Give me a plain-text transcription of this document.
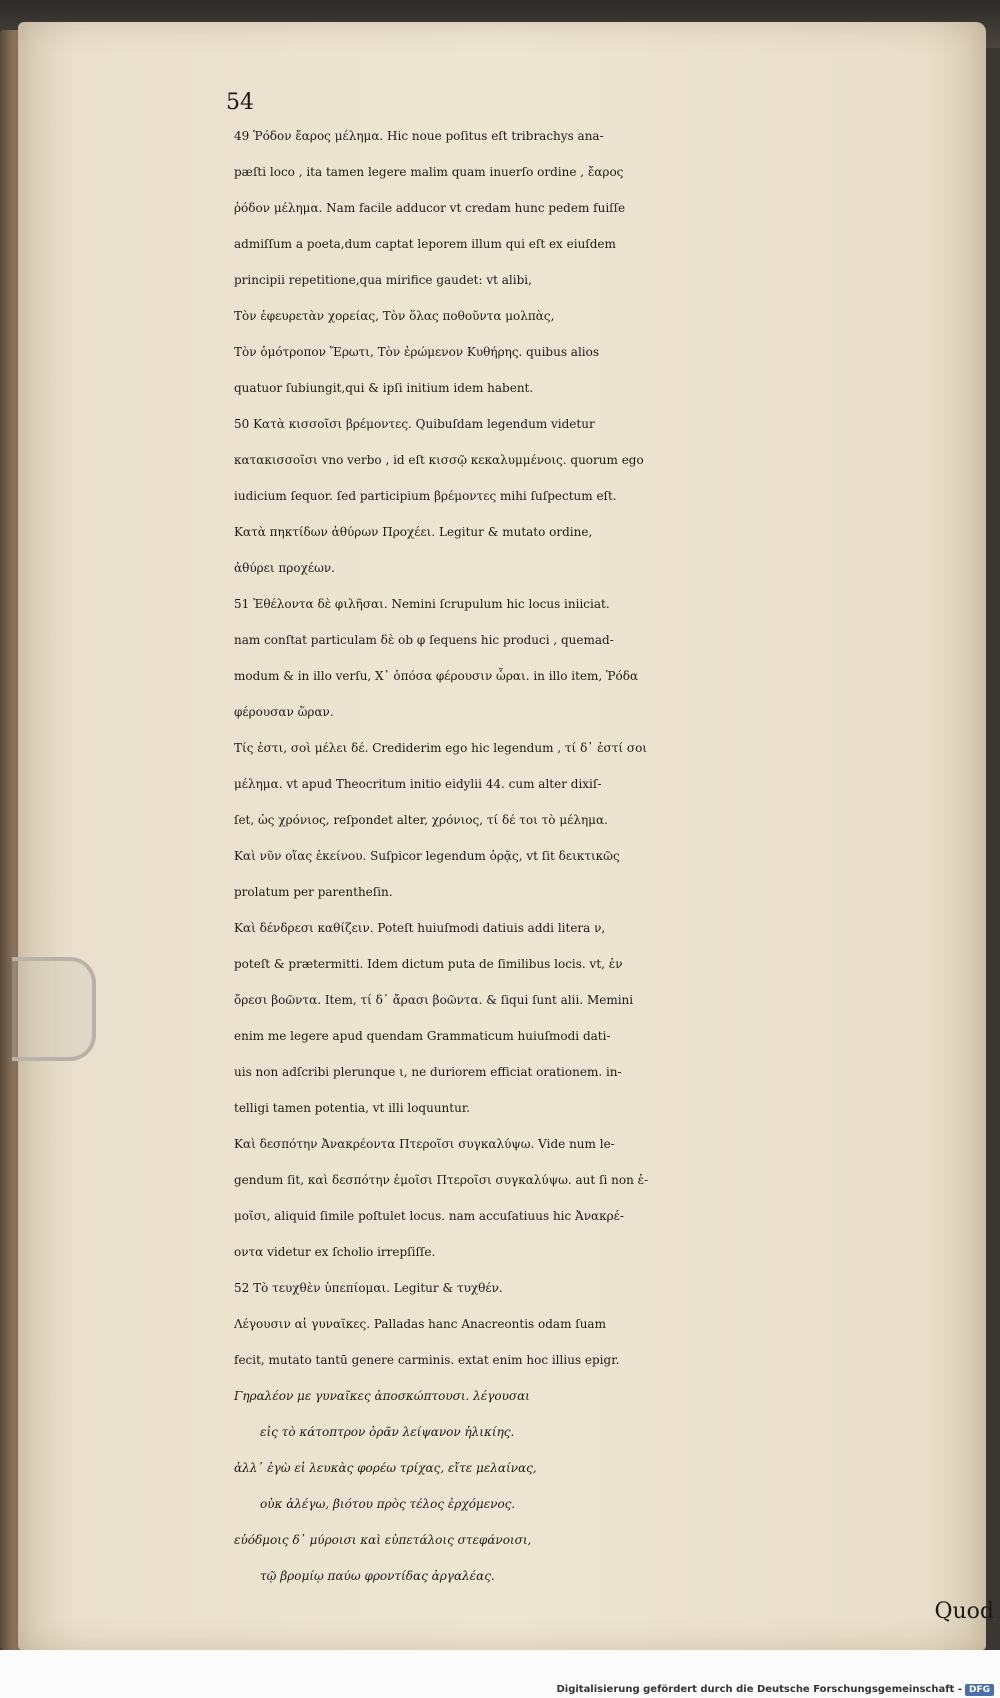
54
49 Ῥόδον ἔαρος μέλημα. Hic noue poſitus eſt tribrachys ana-
pæſti loco , ita tamen legere malim quam inuerſo ordine , ἔαρος
ῥόδον μέλημα. Nam facile adducor vt credam hunc pedem fuiſſe
admiſſum a poeta,dum captat leporem illum qui eſt ex eiuſdem
principii repetitione,qua mirifice gaudet: vt alibi,
Τὸν ἐφευρετὰν χορείας, Τὸν ὅλας ποθοῦντα μολπὰς,
Τὸν ὁμότροπον Ἔρωτι, Τὸν ἐρώμενον Κυθήρης. quibus alios
quatuor ſubiungit,qui & ipſi initium idem habent.
50 Κατὰ κισσοῖσι βρέμοντες. Quibuſdam legendum videtur
κατακισσοῖσι vno verbo , id eſt κισσῷ κεκαλυμμένοις. quorum ego
iudicium ſequor. ſed participium βρέμοντες mihi ſuſpectum eſt.
Κατὰ πηκτίδων ἀθύρων Προχέει. Legitur & mutato ordine,
ἀθύρει προχέων.
51 Ἐθέλοντα δὲ φιλῆσαι. Nemini ſcrupulum hic locus iniiciat.
nam conſtat particulam δὲ ob φ ſequens hic produci , quemad-
modum & in illo verſu, Χ᾽ ὁπόσα φέρουσιν ὧραι. in illo item, Ῥόδα
φέρουσαν ὥραν.
Τίς ἐστι, σοὶ μέλει δέ. Crediderim ego hic legendum , τί δ᾽ ἐστί σοι
μέλημα. vt apud Theocritum initio eidylii 44. cum alter dixiſ-
ſet, ὡς χρόνιος, reſpondet alter, χρόνιος, τί δέ τοι τὸ μέλημα.
Καὶ νῦν οἵας ἐκείνου. Suſpicor legendum ὁρᾷς, vt ſit δεικτικῶς
prolatum per parentheſin.
Καὶ δένδρεσι καθίζειν. Poteſt huiuſmodi datiuis addi litera ν,
poteſt & prætermitti. Idem dictum puta de ſimilibus locis. vt, ἐν
ὄρεσι βοῶντα. Item, τί δ᾽ ἄρασι βοῶντα. & ſiqui ſunt alii. Memini
enim me legere apud quendam Grammaticum huiuſmodi dati-
uis non adſcribi plerunque ι, ne duriorem efficiat orationem. in-
telligi tamen potentia, vt illi loquuntur.
Καὶ δεσπότην Ἀνακρέοντα Πτεροῖσι συγκαλύψω. Vide num le-
gendum ſit, καὶ δεσπότην ἐμοῖσι Πτεροῖσι συγκαλύψω. aut ſi non ἐ-
μοῖσι, aliquid ſimile poſtulet locus. nam accuſatiuus hic Ἀνακρέ-
οντα videtur ex ſcholio irrepſiſſe.
52 Τὸ τευχθὲν ὑπεπίομαι. Legitur & τυχθέν.
Λέγουσιν αἱ γυναῖκες. Palladas hanc Anacreontis odam ſuam
fecit, mutato tantū genere carminis. extat enim hoc illius epigr.
Γηραλέον με γυναῖκες ἀποσκώπτουσι. λέγουσαι
εἰς τὸ κάτοπτρον ὁρᾶν λείψανον ἡλικίης.
ἀλλ᾽ ἐγὼ εἰ λευκὰς φορέω τρίχας, εἴτε μελαίνας,
οὐκ ἀλέγω, βιότου πρὸς τέλος ἐρχόμενος.
εὐόδμοις δ᾽ μύροισι καὶ εὐπετάλοις στεφάνοισι,
τῷ βρομίῳ παύω φροντίδας ἀργαλέας.
Quod
Digitalisierung gefördert durch die Deutsche Forschungsgemeinschaft - DFG
